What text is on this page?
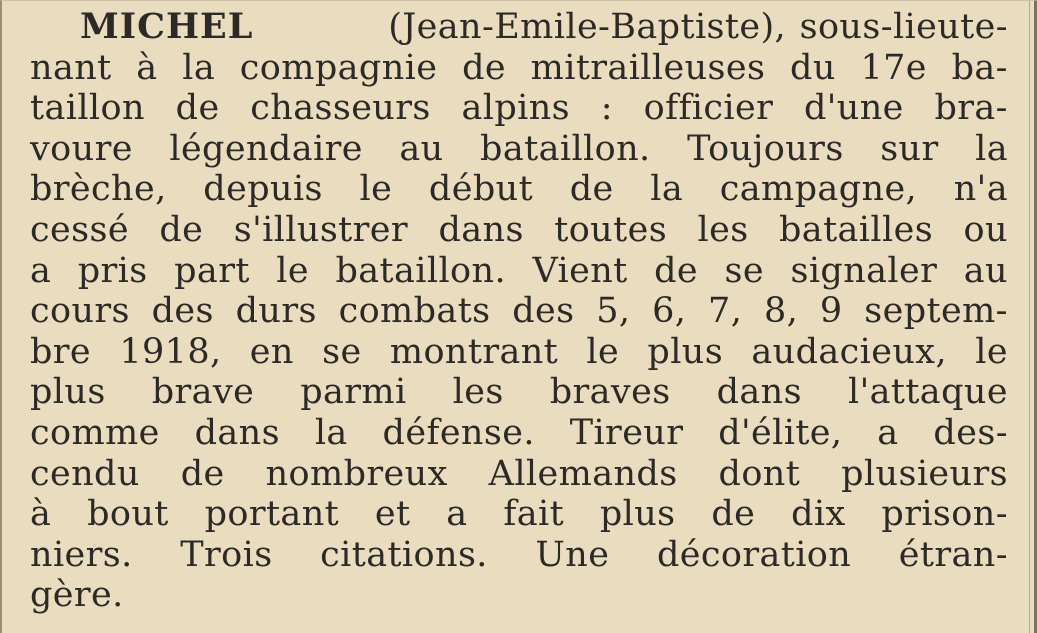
MICHEL	(Jean-Emile-Baptiste), sous-lieute-
nant à la compagnie de mitrailleuses du 17e ba-
taillon de chasseurs alpins : officier d'une bra-
voure légendaire au bataillon. Toujours sur la
brèche, depuis le début de la campagne, n'a
cessé de s'illustrer dans toutes les batailles ou
a pris part le bataillon. Vient de se signaler au
cours des durs combats des 5, 6, 7, 8, 9 septem-
bre 1918, en se montrant le plus audacieux, le
plus brave parmi les braves dans l'attaque
comme dans la défense. Tireur d'élite, a des-
cendu de nombreux Allemands dont plusieurs
à bout portant et a fait plus de dix prison-
niers. Trois citations. Une décoration étran-
gère.
